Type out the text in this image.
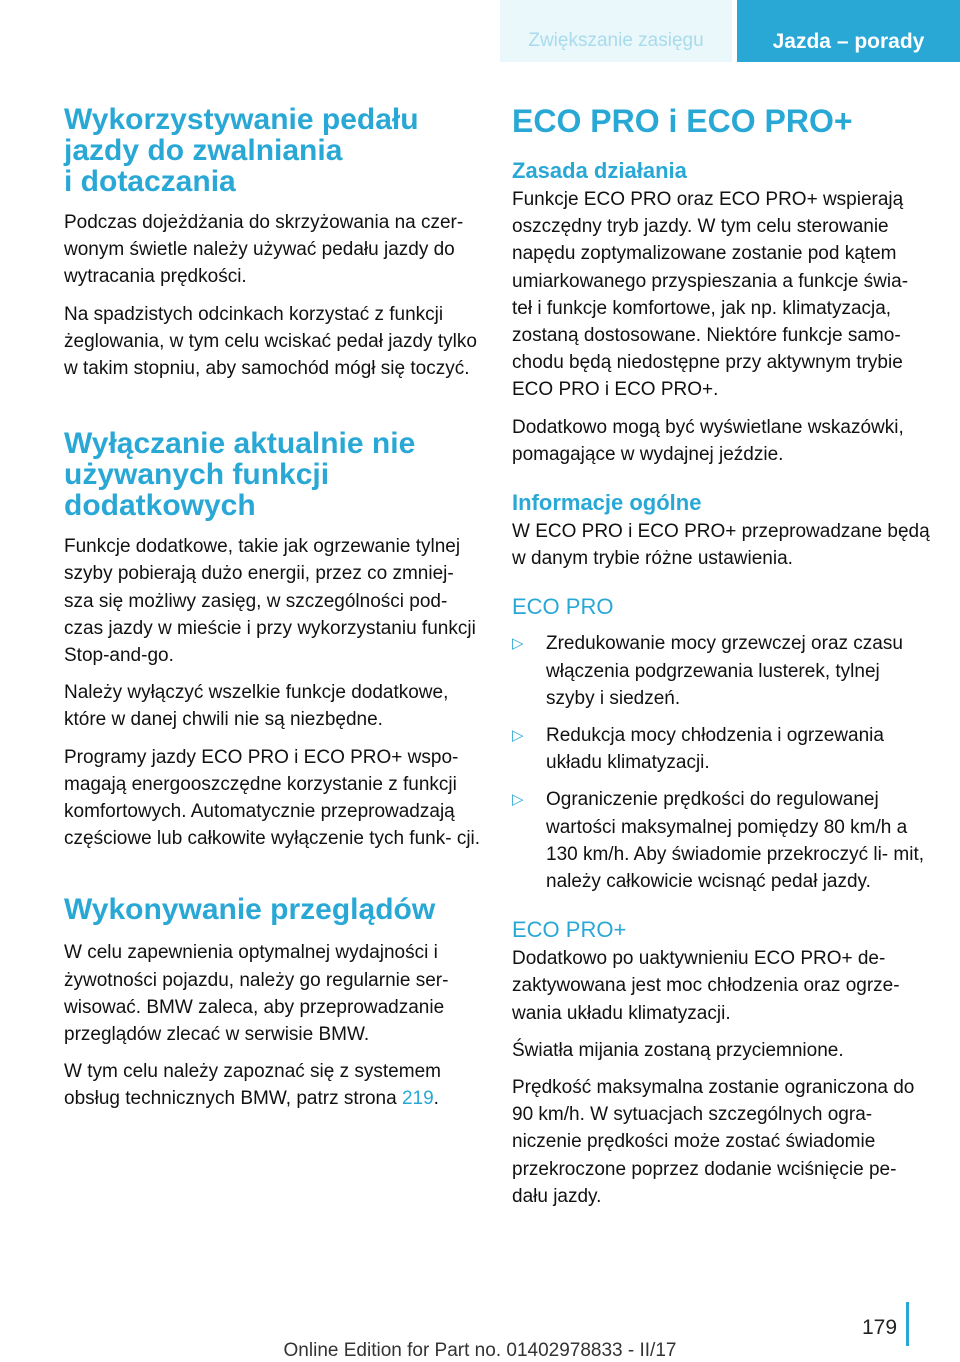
Zwiększanie zasięgu	Jazda – porady
Wykorzystywanie pedału
jazdy do zwalniania
i dotaczania

Podczas dojeżdżania do skrzyżowania na czer‐ wonym świetle należy używać pedału jazdy do wytracania prędkości.

Na spadzistych odcinkach korzystać z funkcji żeglowania, w tym celu wciskać pedał jazdy tylko w takim stopniu, aby samochód mógł się toczyć.

Wyłączanie aktualnie nie
używanych funkcji
dodatkowych

Funkcje dodatkowe, takie jak ogrzewanie tylnej szyby pobierają dużo energii, przez co zmniej‐ sza się możliwy zasięg, w szczególności pod‐ czas jazdy w mieście i przy wykorzystaniu funkcji Stop-and-go.

Należy wyłączyć wszelkie funkcje dodatkowe, które w danej chwili nie są niezbędne.

Programy jazdy ECO PRO i ECO PRO+ wspo‐ magają energooszczędne korzystanie z funkcji komfortowych. Automatycznie przeprowadzają częściowe lub całkowite wyłączenie tych funk‐ cji.

Wykonywanie przeglądów

W celu zapewnienia optymalnej wydajności i żywotności pojazdu, należy go regularnie ser‐ wisować. BMW zaleca, aby przeprowadzanie przeglądów zlecać w serwisie BMW.

W tym celu należy zapoznać się z systemem obsług technicznych BMW, patrz strona 219.

ECO PRO i ECO PRO+
Zasada działania

Funkcje ECO PRO oraz ECO PRO+ wspierają oszczędny tryb jazdy. W tym celu sterowanie napędu zoptymalizowane zostanie pod kątem umiarkowanego przyspieszania a funkcje świa‐ teł i funkcje komfortowe, jak np. klimatyzacja, zostaną dostosowane. Niektóre funkcje samo‐ chodu będą niedostępne przy aktywnym trybie ECO PRO i ECO PRO+.

Dodatkowo mogą być wyświetlane wskazówki, pomagające w wydajnej jeździe.

Informacje ogólne

W ECO PRO i ECO PRO+ przeprowadzane będą w danym trybie różne ustawienia.

ECO PRO
▷ Zredukowanie mocy grzewczej oraz czasu włączenia podgrzewania lusterek, tylnej szyby i siedzeń.
▷ Redukcja mocy chłodzenia i ogrzewania układu klimatyzacji.
▷ Ograniczenie prędkości do regulowanej wartości maksymalnej pomiędzy 80 km/h a 130 km/h. Aby świadomie przekroczyć li‐ mit, należy całkowicie wcisnąć pedał jazdy.
ECO PRO+

Dodatkowo po uaktywnieniu ECO PRO+ de‐ zaktywowana jest moc chłodzenia oraz ogrze‐ wania układu klimatyzacji.

Światła mijania zostaną przyciemnione.

Prędkość maksymalna zostanie ograniczona do 90 km/h. W sytuacjach szczególnych ogra‐ niczenie prędkości może zostać świadomie przekroczone poprzez dodanie wciśnięcie pe‐ dału jazdy.

179
Online Edition for Part no. 01402978833 - II/17
